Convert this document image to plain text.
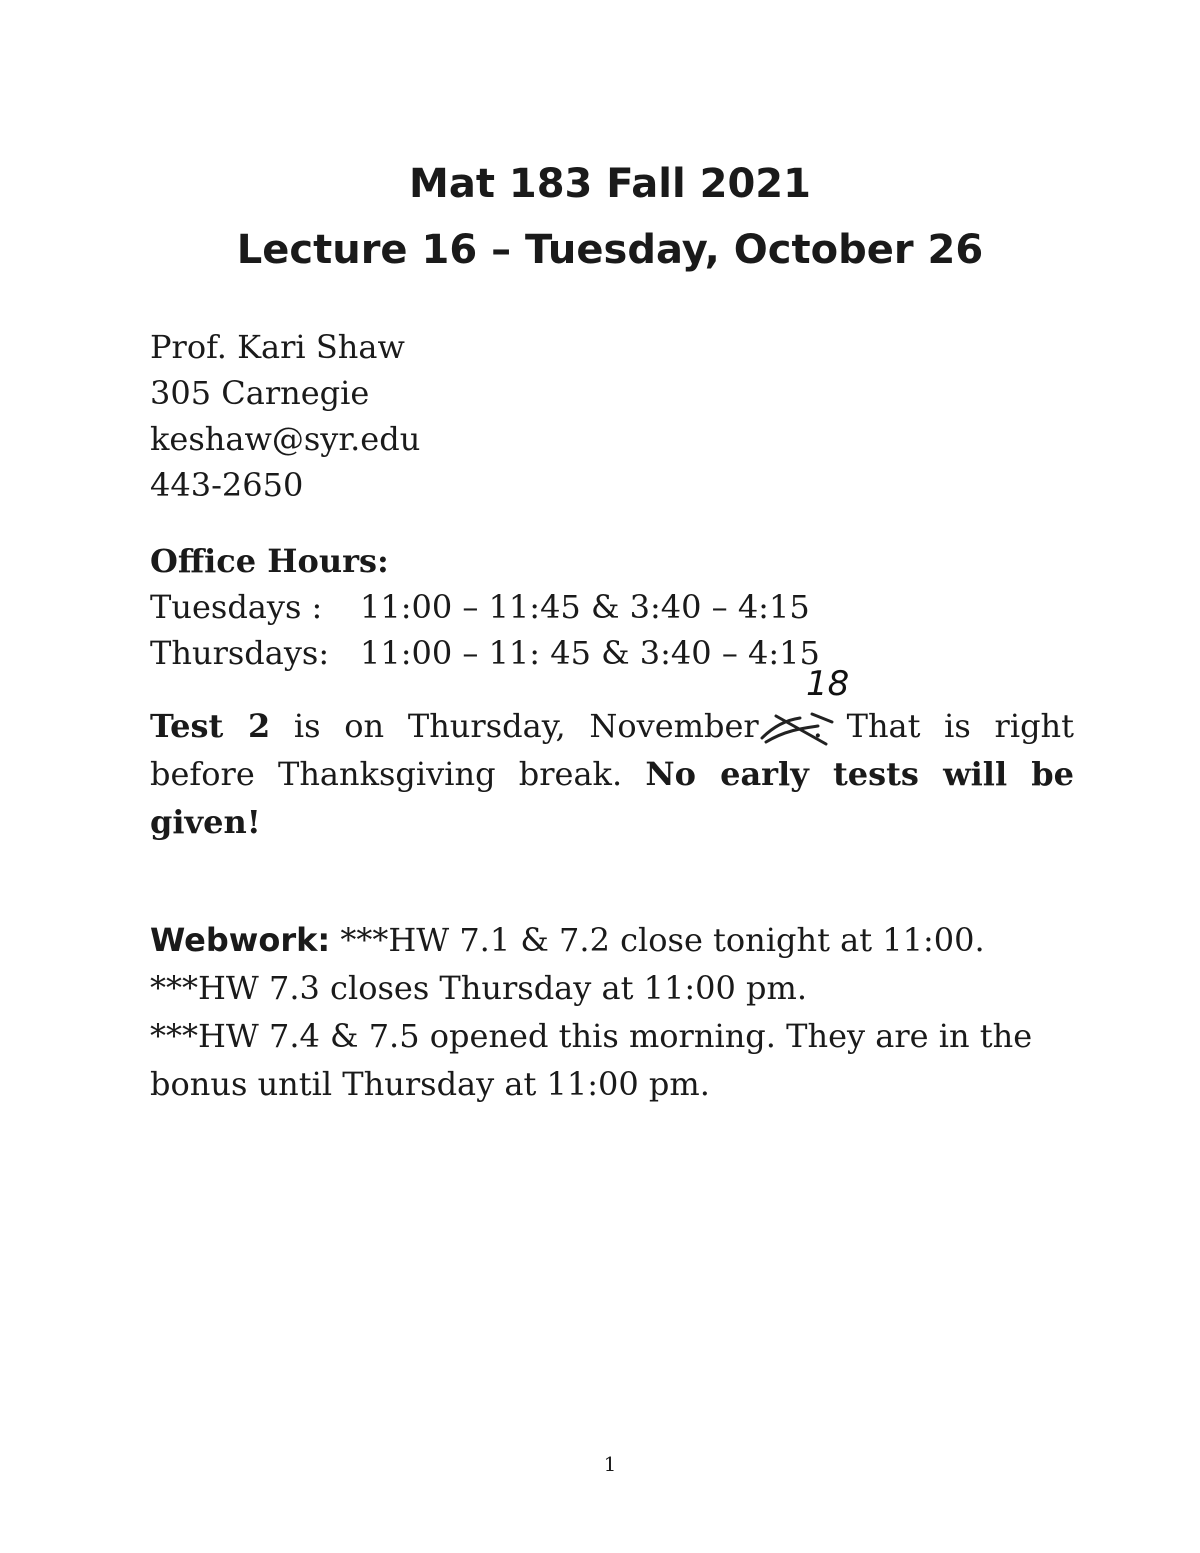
Mat 183 Fall 2021
Lecture 16 – Tuesday, October 26
Prof. Kari Shaw
305 Carnegie
keshaw@syr.edu
443-2650
Office Hours:
Tuesdays : 11:00 – 11:45 & 3:40 – 4:15
Thursdays: 11:00 – 11: 45 & 3:40 – 4:15
18
Test 2 is on Thursday, November . That is right before Thanksgiving break. No early tests will be given!
Webwork: ***HW 7.1 & 7.2 close tonight at 11:00.
***HW 7.3 closes Thursday at 11:00 pm.
***HW 7.4 & 7.5 opened this morning. They are in the
bonus until Thursday at 11:00 pm.
1
